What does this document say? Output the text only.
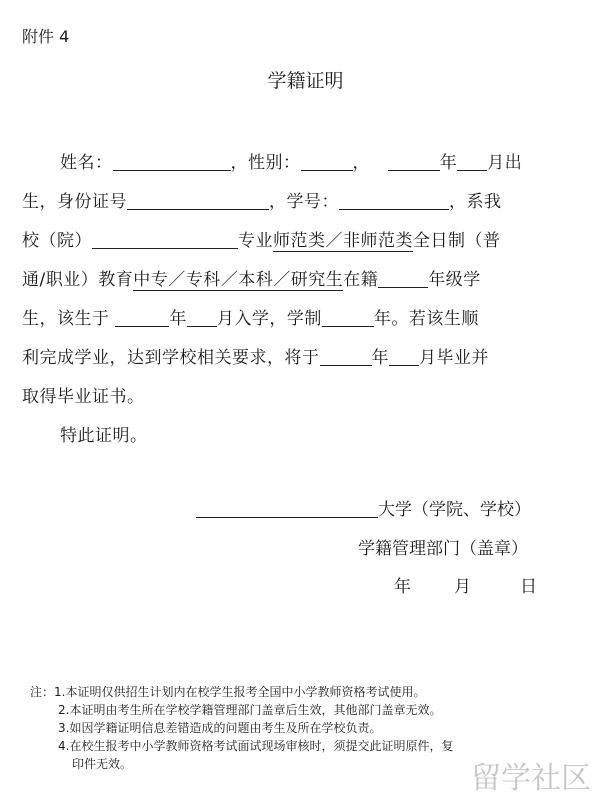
附件 4
学籍证明
姓名：	，性别：	，	年 月出
生，身份证号	，学号：	，系我
校（院）	专业师范类／非师范类全日制（普
通/职业）教育中专／专科／本科／研究生在籍	年级学
生，该生于	年 月入学，学制	年。若该生顺
利完成学业，达到学校相关要求，将于	年 月毕业并
取得毕业证书。
特此证明。
大学（学院、学校）
学籍管理部门（盖章）
年	月	日
注：1.本证明仅供招生计划内在校学生报考全国中小学教师资格考试使用。
2.本证明由考生所在学校学籍管理部门盖章后生效，其他部门盖章无效。
3.如因学籍证明信息差错造成的问题由考生及所在学校负责。
4.在校生报考中小学教师资格考试面试现场审核时，须提交此证明原件，复
印件无效。	留学社区
